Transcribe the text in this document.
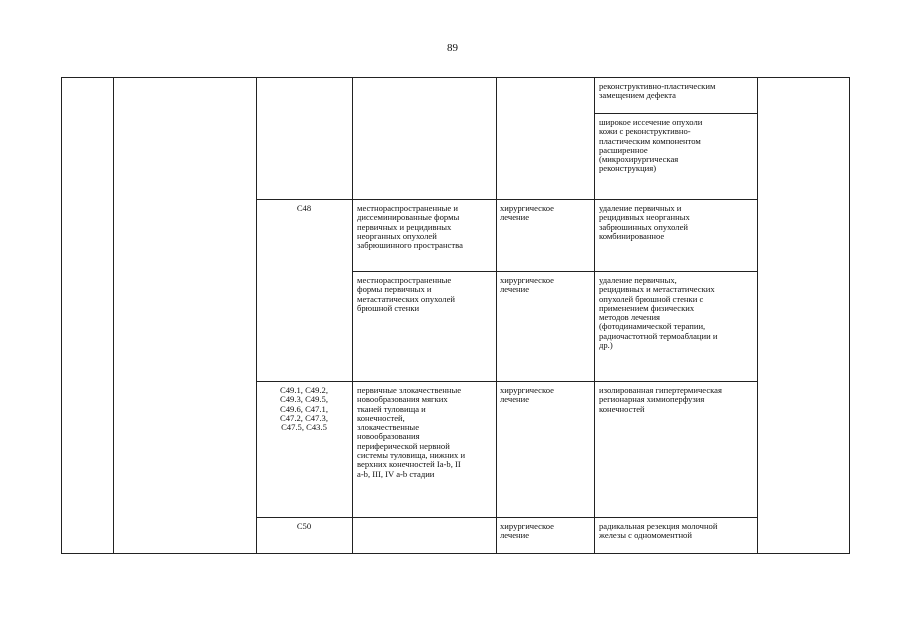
89
реконструктивно-пластическим
замещением дефекта
широкое иссечение опухоли
кожи с реконструктивно-
пластическим компонентом
расширенное
(микрохирургическая
реконструкция)
С48	местнораспространенные и
диссеминированные формы
первичных и рецидивных
неорганных опухолей
забрюшинного пространства
хирургическое
лечение
удаление первичных и
рецидивных неорганных
забрюшинных опухолей
комбинированное
местнораспространенные
формы первичных и
метастатических опухолей
брюшной стенки
хирургическое
лечение
удаление первичных,
рецидивных и метастатических
опухолей брюшной стенки с
применением физических
методов лечения
(фотодинамической терапии,
радиочастотной термоаблации и
др.)
C49.1, C49.2,
C49.3, C49.5,
C49.6, C47.1,
C47.2, C47.3,
C47.5, C43.5
первичные злокачественные
новообразования мягких
тканей туловища и
конечностей,
злокачественные
новообразования
периферической нервной
системы туловища, нижних и
верхних конечностей Ia-b, II
a-b, III, IV a-b стадии
хирургическое
лечение
изолированная гипертермическая
регионарная химиоперфузия
конечностей
C50	хирургическое
лечение
радикальная резекция молочной
железы с одномоментной
